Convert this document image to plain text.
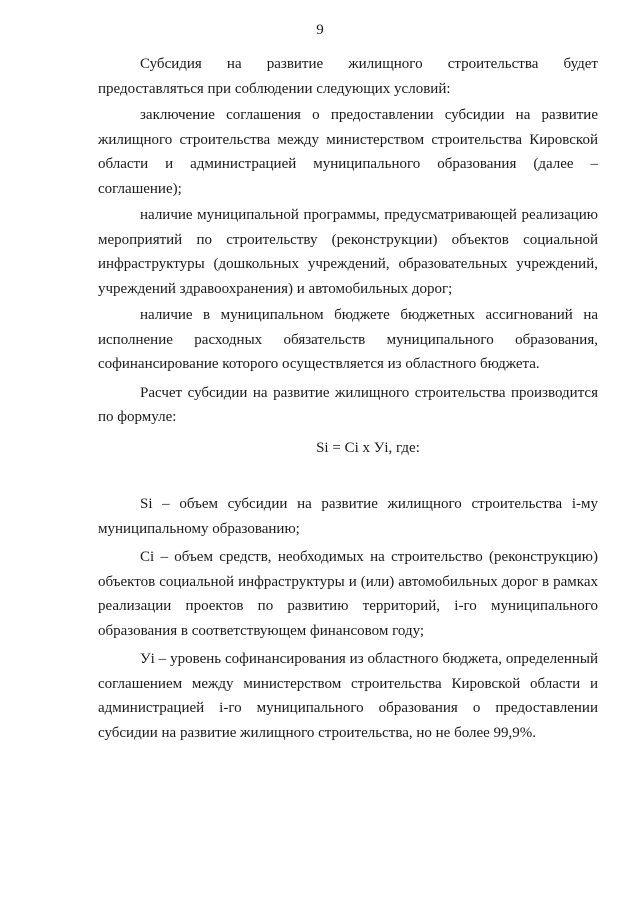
9

Субсидия на развитие жилищного строительства будет предоставляться при соблюдении следующих условий:

заключение соглашения о предоставлении субсидии на развитие жилищного строительства между министерством строительства Кировской области и администрацией муниципального образования (далее – соглашение);

наличие муниципальной программы, предусматривающей реализацию мероприятий по строительству (реконструкции) объектов социальной инфраструктуры (дошкольных учреждений, образовательных учреждений, учреждений здравоохранения) и автомобильных дорог;

наличие в муниципальном бюджете бюджетных ассигнований на исполнение расходных обязательств муниципального образования, софинансирование которого осуществляется из областного бюджета.

Расчет субсидии на развитие жилищного строительства производится по формуле:

Si = Ci x Уi, где:

Si – объем субсидии на развитие жилищного строительства i-му муниципальному образованию;

Ci – объем средств, необходимых на строительство (реконструкцию) объектов социальной инфраструктуры и (или) автомобильных дорог в рамках реализации проектов по развитию территорий, i-го муниципального образования в соответствующем финансовом году;

Уi – уровень софинансирования из областного бюджета, определенный соглашением между министерством строительства Кировской области и администрацией i-го муниципального образования о предоставлении субсидии на развитие жилищного строительства, но не более 99,9%.
